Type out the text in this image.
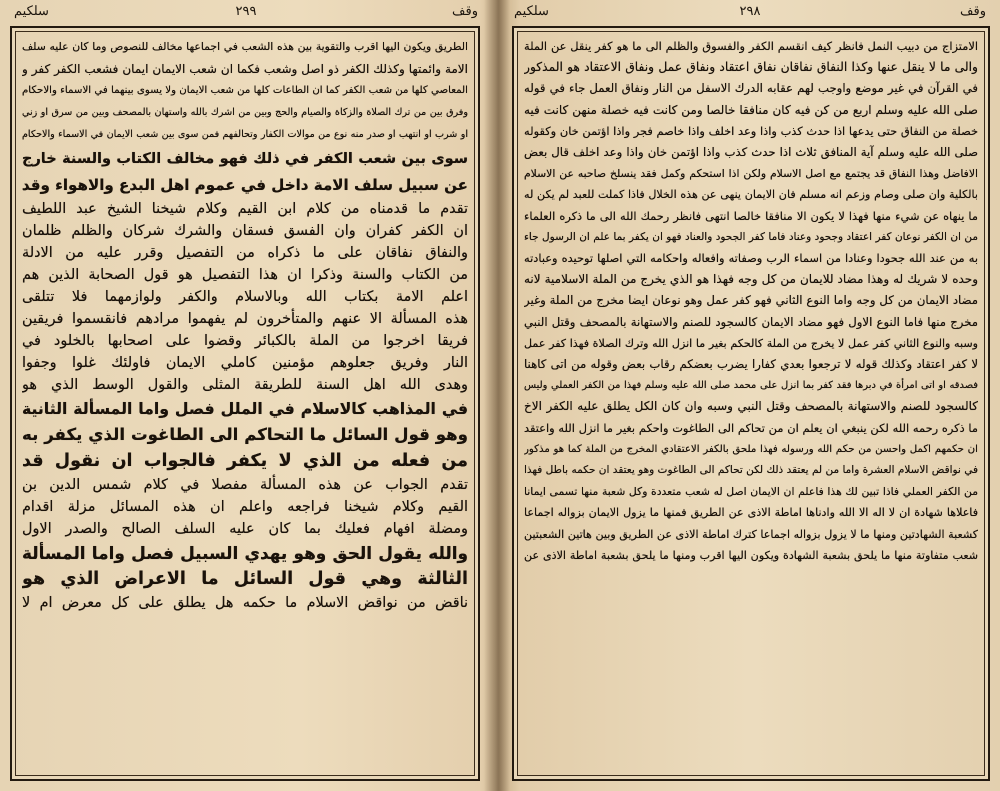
وقف
٢٩٩
سلكيم
الطريق ويكون اليها اقرب والتقوية بين هذه الشعب في اجماعها مخالف للنصوص وما كان عليه سلف
الامة وائمتها وكذلك الكفر ذو اصل وشعب فكما ان شعب الايمان ايمان فشعب الكفر كفر و
المعاصي كلها من شعب الكفر كما ان الطاعات كلها من شعب الايمان ولا يسوى بينهما في الاسماء والاحكام
وفرق بين من ترك الصلاة والزكاة والصيام والحج وبين من اشرك بالله واستهان بالمصحف وبين من سرق او زني
او شرب او انتهب او صدر منه نوع من موالات الكفار وتحالفهم فمن سوى بين شعب الايمان في الاسماء والاحكام
سوى بين شعب الكفر في ذلك فهو مخالف الكتاب والسنة خارج
عن سبيل سلف الامة داخل في عموم اهل البدع والاهواء وقد
تقدم ما قدمناه من كلام ابن القيم وكلام شيخنا الشيخ عبد اللطيف
ان الكفر كفران وان الفسق فسقان والشرك شركان والظلم ظلمان
والنفاق نفاقان على ما ذكراه من التفصيل وقرر عليه من الادلة
من الكتاب والسنة وذكرا ان هذا التفصيل هو قول الصحابة الذين هم
اعلم الامة بكتاب الله وبالاسلام والكفر ولوازمهما فلا تتلقى
هذه المسألة الا عنهم والمتأخرون لم يفهموا مرادهم فانقسموا فريقين
فريقا اخرجوا من الملة بالكبائر وقضوا على اصحابها بالخلود في
النار وفريق جعلوهم مؤمنين كاملي الايمان فاولئك غلوا وجفوا
وهدى الله اهل السنة للطريقة المثلى والقول الوسط الذي هو
في المذاهب كالاسلام في الملل فصل واما المسألة الثانية
وهو قول السائل ما التحاكم الى الطاغوت الذي يكفر به
من فعله من الذي لا يكفر فالجواب ان نقول قد
تقدم الجواب عن هذه المسألة مفصلا في كلام شمس الدين بن
القيم وكلام شيخنا فراجعه واعلم ان هذه المسائل مزلة اقدام
ومضلة افهام فعليك بما كان عليه السلف الصالح والصدر الاول
والله يقول الحق وهو يهدي السبيل فصل واما المسألة
الثالثة وهي قول السائل ما الاعراض الذي هو
ناقض من نواقض الاسلام ما حكمه هل يطلق على كل معرض ام لا
وقف
٢٩٨
سلكيم
الامتزاج من دبيب النمل فانظر كيف انقسم الكفر والفسوق والظلم الى ما هو كفر ينقل عن الملة
والى ما لا ينقل عنها وكذا النفاق نفاقان نفاق اعتقاد ونفاق عمل ونفاق الاعتقاد هو المذكور
في القرآن في غير موضع واوجب لهم عقابه الدرك الاسفل من النار ونفاق العمل جاء في قوله
صلى الله عليه وسلم اربع من كن فيه كان منافقا خالصا ومن كانت فيه خصلة منهن كانت فيه
خصلة من النفاق حتى يدعها اذا حدث كذب واذا وعد اخلف واذا خاصم فجر واذا اؤتمن خان وكقوله
صلى الله عليه وسلم آية المنافق ثلاث اذا حدث كذب واذا اؤتمن خان واذا وعد اخلف قال بعض
الافاضل وهذا النفاق قد يجتمع مع اصل الاسلام ولكن اذا استحكم وكمل فقد ينسلخ صاحبه عن الاسلام
بالكلية وان صلى وصام وزعم انه مسلم فان الايمان ينهى عن هذه الخلال فاذا كملت للعبد لم يكن له
ما ينهاه عن شيء منها فهذا لا يكون الا منافقا خالصا انتهى فانظر رحمك الله الى ما ذكره العلماء
من ان الكفر نوعان كفر اعتقاد وجحود وعناد فاما كفر الجحود والعناد فهو ان يكفر بما علم ان الرسول جاء
به من عند الله جحودا وعنادا من اسماء الرب وصفاته وافعاله واحكامه التي اصلها توحيده وعبادته
وحده لا شريك له وهذا مضاد للايمان من كل وجه فهذا هو الذي يخرج من الملة الاسلامية لانه
مضاد الايمان من كل وجه واما النوع الثاني فهو كفر عمل وهو نوعان ايضا مخرج من الملة وغير
مخرج منها فاما النوع الاول فهو مضاد الايمان كالسجود للصنم والاستهانة بالمصحف وقتل النبي
وسبه والنوع الثاني كفر عمل لا يخرج من الملة كالحكم بغير ما انزل الله وترك الصلاة فهذا كفر عمل
لا كفر اعتقاد وكذلك قوله لا ترجعوا بعدي كفارا يضرب بعضكم رقاب بعض وقوله من اتى كاهنا
فصدقه او اتى امرأة في دبرها فقد كفر بما انزل على محمد صلى الله عليه وسلم فهذا من الكفر العملي وليس
كالسجود للصنم والاستهانة بالمصحف وقتل النبي وسبه وان كان الكل يطلق عليه الكفر الاخ
ما ذكره رحمه الله لكن ينبغي ان يعلم ان من تحاكم الى الطاغوت واحكم بغير ما انزل الله واعتقد
ان حكمهم اكمل واحسن من حكم الله ورسوله فهذا ملحق بالكفر الاعتقادي المخرج من الملة كما هو مذكور
في نواقض الاسلام العشرة واما من لم يعتقد ذلك لكن تحاكم الى الطاغوت وهو يعتقد ان حكمه باطل فهذا
من الكفر العملي فاذا تبين لك هذا فاعلم ان الايمان اصل له شعب متعددة وكل شعبة منها تسمى ايمانا
فاعلاها شهادة ان لا اله الا الله وادناها اماطة الاذى عن الطريق فمنها ما يزول الايمان بزواله اجماعا
كشعبة الشهادتين ومنها ما لا يزول بزواله اجماعا كترك اماطة الاذى عن الطريق وبين هاتين الشعبتين
شعب متفاوتة منها ما يلحق بشعبة الشهادة ويكون اليها اقرب ومنها ما يلحق بشعبة اماطة الاذى عن
